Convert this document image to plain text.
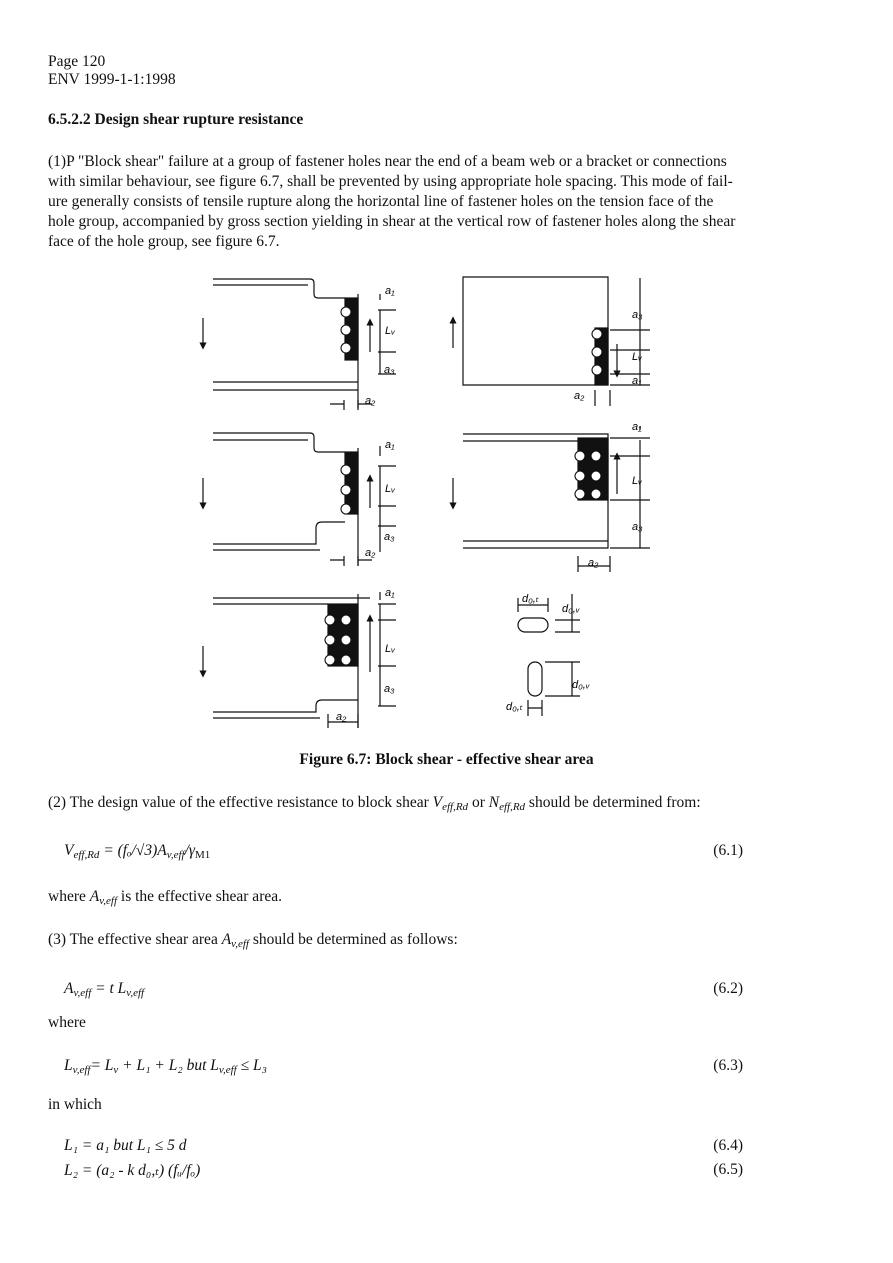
Page 120
ENV 1999-1-1:1998
6.5.2.2 Design shear rupture resistance

(1)P "Block shear" failure at a group of fastener holes near the end of a beam web or a bracket or connections

with similar behaviour, see figure 6.7, shall be prevented by using appropriate hole spacing. This mode of fail-

ure generally consists of tensile rupture along the horizontal line of fastener holes on the tension face of the

hole group, accompanied by gross section yielding in shear at the vertical row of fastener holes along the shear

face of the hole group, see figure 6.7.

a₁
Lᵥ
a₃
a₂
a₃
Lᵥ
a₁
a₂
a₁
Lᵥ
a₃
a₂
a₁
Lᵥ
a₃
a₂
a₁
Lᵥ
a₃
a₂
d₀,ₜ
d₀,ᵥ
d₀,ᵥ
d₀,ₜ
Figure 6.7: Block shear - effective shear area
(2) The design value of the effective resistance to block shear $V_{eff,Rd}$ or $N_{eff,Rd}$ should be determined from:
$V_{eff,Rd} = (f_o/√3)A_{v,eff}/\gamma_{M1}$	(6.1)
where $A_{v,eff}$ is the effective shear area.
(3) The effective shear area $A_{v,eff}$ should be determined as follows:
$A_{v,eff} = t$ $L_{v,eff}$	(6.2)
where
$L_{v,eff}= L_v + L_1 + L_2$ but $L_{v,eff} \le L_3$	(6.3)
in which
L₁ = a₁ but L₁ ≤ 5 d	(6.4)
L₂ = (a₂ - k d₀,ₜ) (fᵤ/fₒ)	(6.5)
